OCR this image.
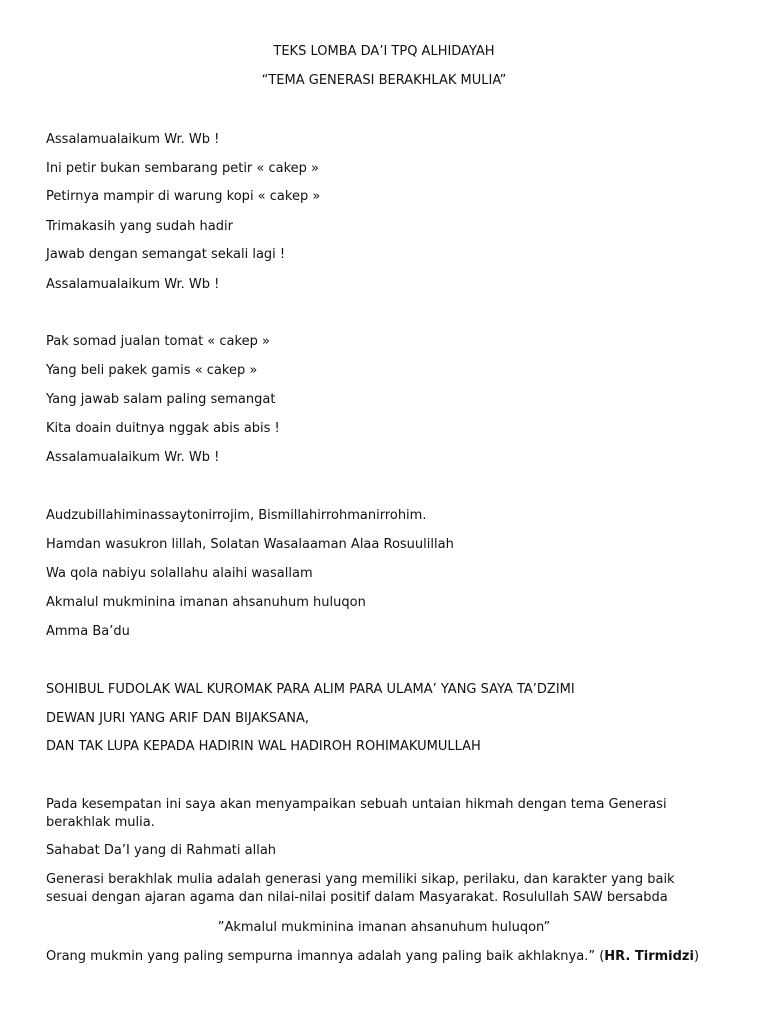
TEKS LOMBA DA’I TPQ ALHIDAYAH
“TEMA GENERASI BERAKHLAK MULIA”
Assalamualaikum Wr. Wb !
Ini petir bukan sembarang petir « cakep »
Petirnya mampir di warung kopi « cakep »
Trimakasih yang sudah hadir
Jawab dengan semangat sekali lagi !
Assalamualaikum Wr. Wb !
Pak somad jualan tomat « cakep »
Yang beli pakek gamis « cakep »
Yang jawab salam paling semangat
Kita doain duitnya nggak abis abis !
Assalamualaikum Wr. Wb !
Audzubillahiminassaytonirrojim, Bismillahirrohmanirrohim.
Hamdan wasukron lillah, Solatan Wasalaaman Alaa Rosuulillah
Wa qola nabiyu solallahu alaihi wasallam
Akmalul mukminina imanan ahsanuhum huluqon
Amma Ba’du
SOHIBUL FUDOLAK WAL KUROMAK PARA ALIM PARA ULAMA’ YANG SAYA TA’DZIMI
DEWAN JURI YANG ARIF DAN BIJAKSANA,
DAN TAK LUPA KEPADA HADIRIN WAL HADIROH ROHIMAKUMULLAH
Pada kesempatan ini saya akan menyampaikan sebuah untaian hikmah dengan tema Generasi berakhlak mulia.
Sahabat Da’I yang di Rahmati allah
Generasi berakhlak mulia adalah generasi yang memiliki sikap, perilaku, dan karakter yang baik sesuai dengan ajaran agama dan nilai-nilai positif dalam Masyarakat. Rosulullah SAW bersabda
”Akmalul mukminina imanan ahsanuhum huluqon”
Orang mukmin yang paling sempurna imannya adalah yang paling baik akhlaknya.” (HR. Tirmidzi)
